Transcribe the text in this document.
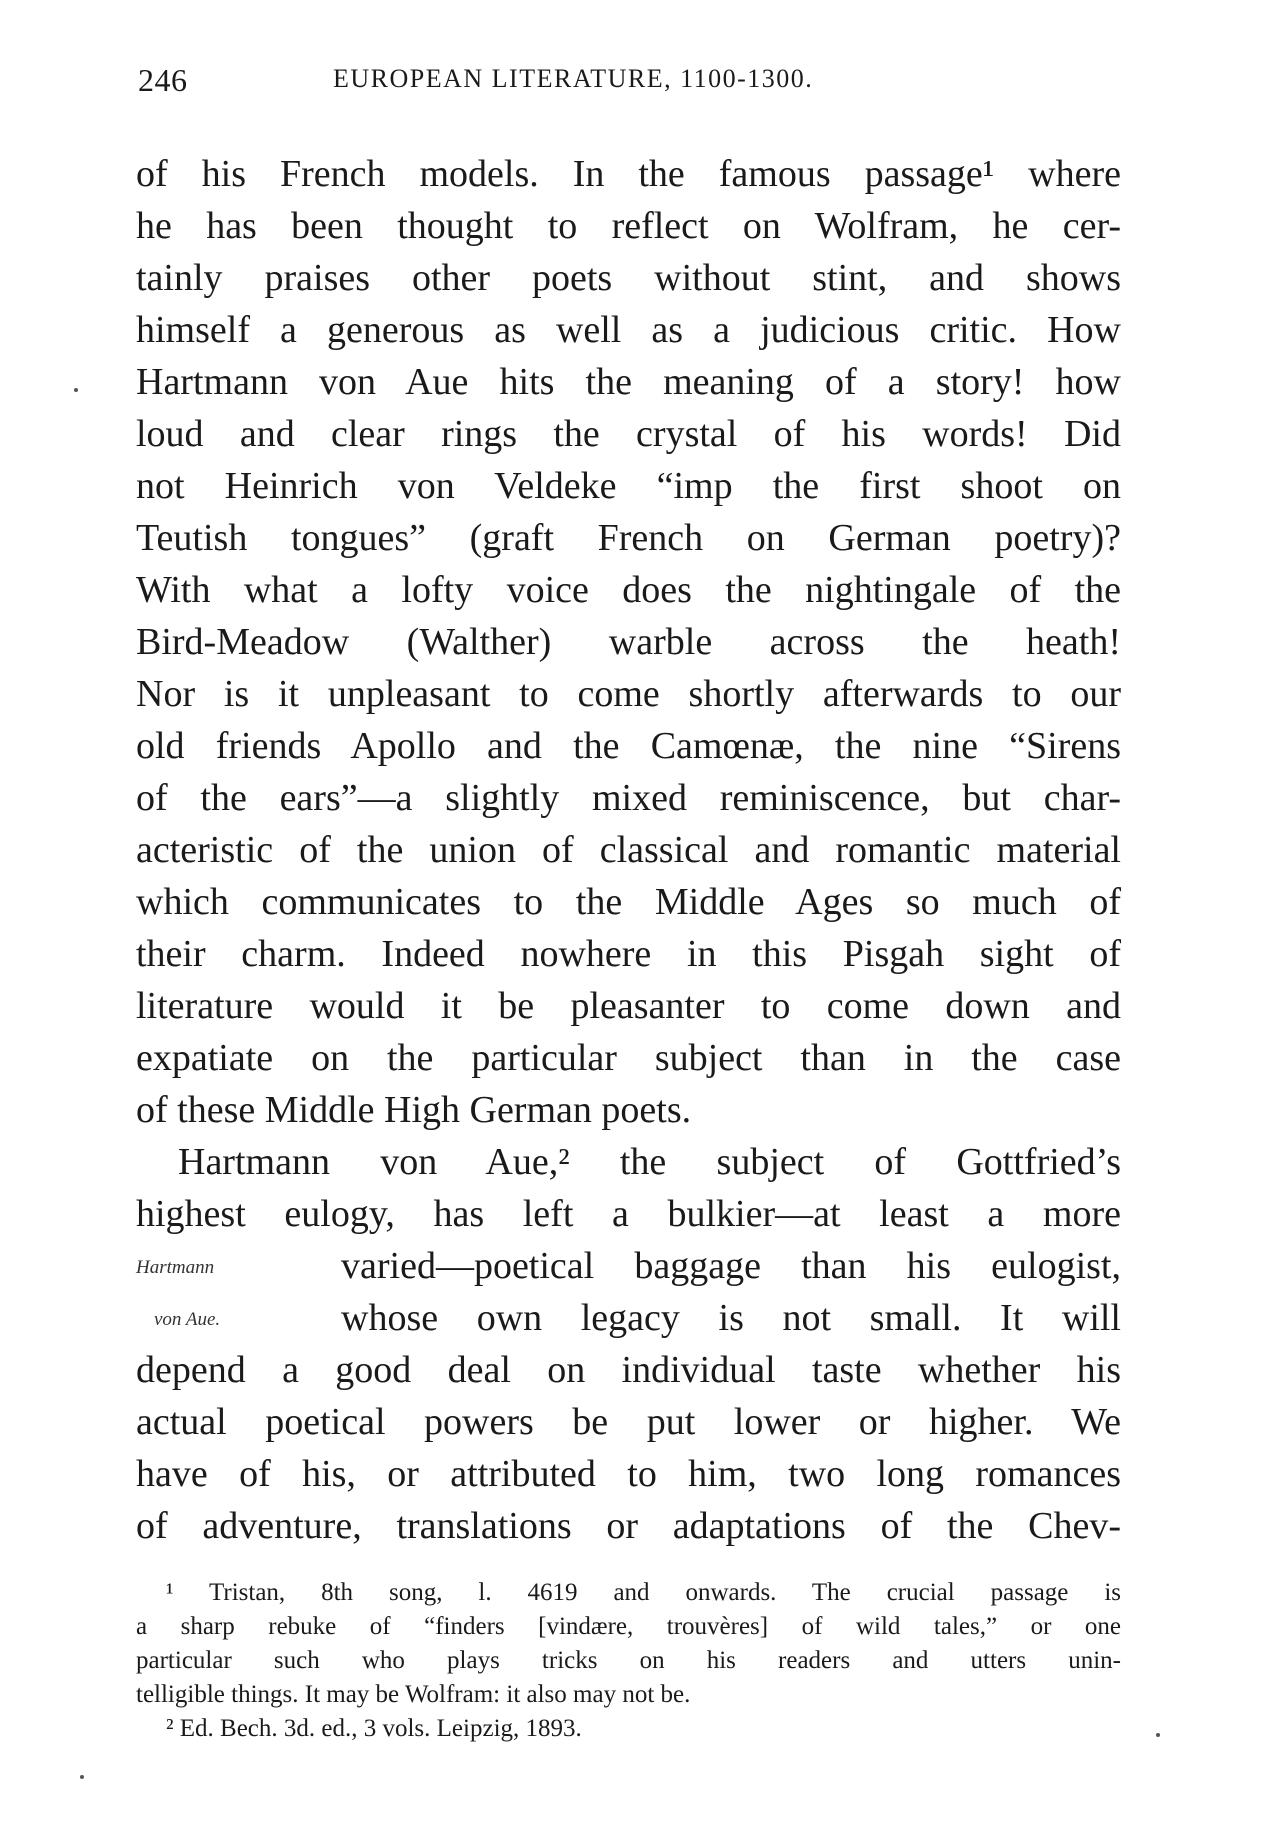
246	EUROPEAN LITERATURE, 1100-1300.
of his French models. In the famous passage¹ where
he has been thought to reflect on Wolfram, he cer-
tainly praises other poets without stint, and shows
himself a generous as well as a judicious critic. How
Hartmann von Aue hits the meaning of a story! how
loud and clear rings the crystal of his words! Did
not Heinrich von Veldeke “imp the first shoot on
Teutish tongues” (graft French on German poetry)?
With what a lofty voice does the nightingale of the
Bird-Meadow (Walther) warble across the heath!
Nor is it unpleasant to come shortly afterwards to our
old friends Apollo and the Camœnæ, the nine “Sirens
of the ears”—a slightly mixed reminiscence, but char-
acteristic of the union of classical and romantic material
which communicates to the Middle Ages so much of
their charm. Indeed nowhere in this Pisgah sight of
literature would it be pleasanter to come down and
expatiate on the particular subject than in the case
of these Middle High German poets.
Hartmann von Aue,² the subject of Gottfried’s
highest eulogy, has left a bulkier—at least a more
Hartmann	varied—poetical baggage than his eulogist,
von Aue.	whose own legacy is not small. It will
depend a good deal on individual taste whether his
actual poetical powers be put lower or higher. We
have of his, or attributed to him, two long romances
of adventure, translations or adaptations of the Chev-
¹ Tristan, 8th song, l. 4619 and onwards. The crucial passage is
a sharp rebuke of “finders [vindære, trouvères] of wild tales,” or one
particular such who plays tricks on his readers and utters unin-
telligible things. It may be Wolfram: it also may not be.
² Ed. Bech. 3d. ed., 3 vols. Leipzig, 1893.
